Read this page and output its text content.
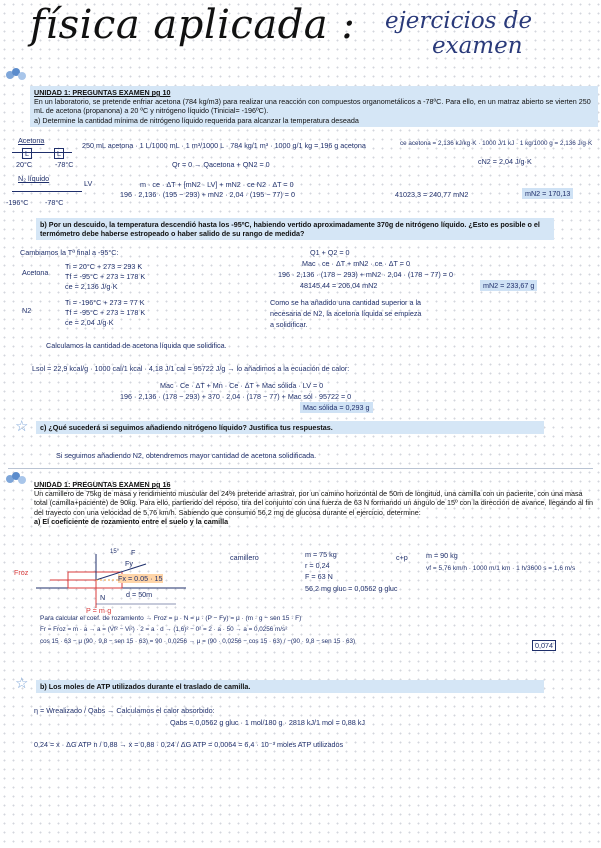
física aplicada : ejercicios de
examen
UNIDAD 1: PREGUNTAS EXAMEN pg 10
En un laboratorio, se pretende enfriar acetona (784 kg/m3) para realizar una reacción con compuestos organometálicos a -78ºC. Para ello, en un matraz abierto se vierten 250 mL de acetona (propanona) a 20 ºC y nitrógeno líquido (Tinicial= -196ºC).
a) Determine la cantidad mínima de nitrógeno líquido requerida para alcanzar la temperatura deseada
Acetona
250 mL acetona · 1 L/1000 mL · 1 m³/1000 L · 784 kg/1 m³ · 1000 g/1 kg = 196 g acetona	ce acetona = 2,136 kJ/kg·K · 1000 J/1 kJ · 1 kg/1000 g = 2,136 J/g·K
L	L
20°C	-78°C	Qr = 0 → Qacetona + QN2 = 0	cN2 = 2,04 J/g·K
N₂ líquido
LV	m · ce · ΔT + [mN2 · LV] + mN2 · ce N2 · ΔT = 0
-196°C -78°C
196 · 2,136 · (195 − 293) + mN2 · 2,04 · (195 − 77) = 0	41023,3 = 240,77 mN2	mN2 = 170,13
b) Por un descuido, la temperatura descendió hasta los -95ºC, habiendo vertido aproximadamente 370g de nitrógeno líquido. ¿Esto es posible o el termómetro debe haberse estropeado o haber salido de su rango de medida?
Cambiamos la Tª final a -95°C:	Q1 + Q2 = 0
Acetona
Ti = 20°C + 273 = 293 K	Mac · ce · ΔT + mN2 · ce · ΔT = 0
Tf = -95°C + 273 = 178 K	196 · 2,136 · (178 − 293) + mN2 · 2,04 · (178 − 77) = 0
ce = 2,136 J/g·K	48145,44 = 206,04 mN2	mN2 = 233,67 g
N2
Ti = -196°C + 273 = 77 K	Como se ha añadido una cantidad superior a la
Tf = -95°C + 273 = 178 K	necesaria de N2, la acetona líquida se empieza
ce = 2,04 J/g·K	a solidificar.
Calculamos la cantidad de acetona líquida que solidifica.
Lsol = 22,9 kcal/g · 1000 cal/1 kcal · 4,18 J/1 cal = 95722 J/g → lo añadimos a la ecuación de calor:
Mac · Ce · ΔT + Mn · Ce · ΔT + Mac sólida · LV = 0
196 · 2,136 · (178 − 293) + 370 · 2,04 · (178 − 77) + Mac sól · 95722 = 0
Mac sólida = 0,293 g
☆ c) ¿Qué sucederá si seguimos añadiendo nitrógeno líquido? Justifica tus respuestas.
Si seguimos añadiendo N2, obtendremos mayor cantidad de acetona solidificada.
UNIDAD 1: PREGUNTAS EXAMEN pg 16
Un camillero de 75kg de masa y rendimiento muscular del 24% pretende arrastrar, por un camino horizontal de 50m de longitud, una camilla con un paciente, con una masa total (camilla+paciente) de 90kg. Para ello, partiendo del reposo, tira del conjunto con una fuerza de 63 N formando un ángulo de 15º con la dirección de avance, llegando al fin del trayecto con una velocidad de 5,76 km/h. Sabiendo que consumió 56,2 mg de glucosa durante el ejercicio, determine:
a) El coeficiente de rozamiento entre el suelo y la camilla
F
Fy
Froz
Fx = 0.05 · 15
N
P = m·g
d = 50m
15°
camillero	m = 75 kg
r = 0,24
F = 63 N
56,2 mg gluc = 0,0562 g gluc
c+p	m = 90 kg
vf = 5,76 km/h · 1000 m/1 km · 1 h/3600 s = 1,6 m/s
Para calcular el coef. de rozamiento → Froz = μ · N = μ · (P − Fy) = μ · (m · g − sen 15 · F)
Fr = Froz = m · a → a = (Vf² − Vi²) · 2 = a · d → (1,6)² − 0² = 2 · a · 50 → a = 0,0256 m/s²
cos 15 · 63 − μ (90 · 9,8 − sen 15 · 63) = 90 · 0,0256 → μ = (90 · 0,0256 − cos 15 · 63) / −(90 · 9,8 − sen 15 · 63)	0,074
☆ b) Los moles de ATP utilizados durante el traslado de camilla.
η = Wrealizado / Qabs → Calculamos el calor absorbido:
Qabs = 0,0562 g gluc · 1 mol/180 g · 2818 kJ/1 mol = 0,88 kJ
0,24 = x · ΔG ATP n / 0,88 → x = 0,88 · 0,24 / ΔG ATP = 0,0064 = 6,4 · 10⁻³ moles ATP utilizados
